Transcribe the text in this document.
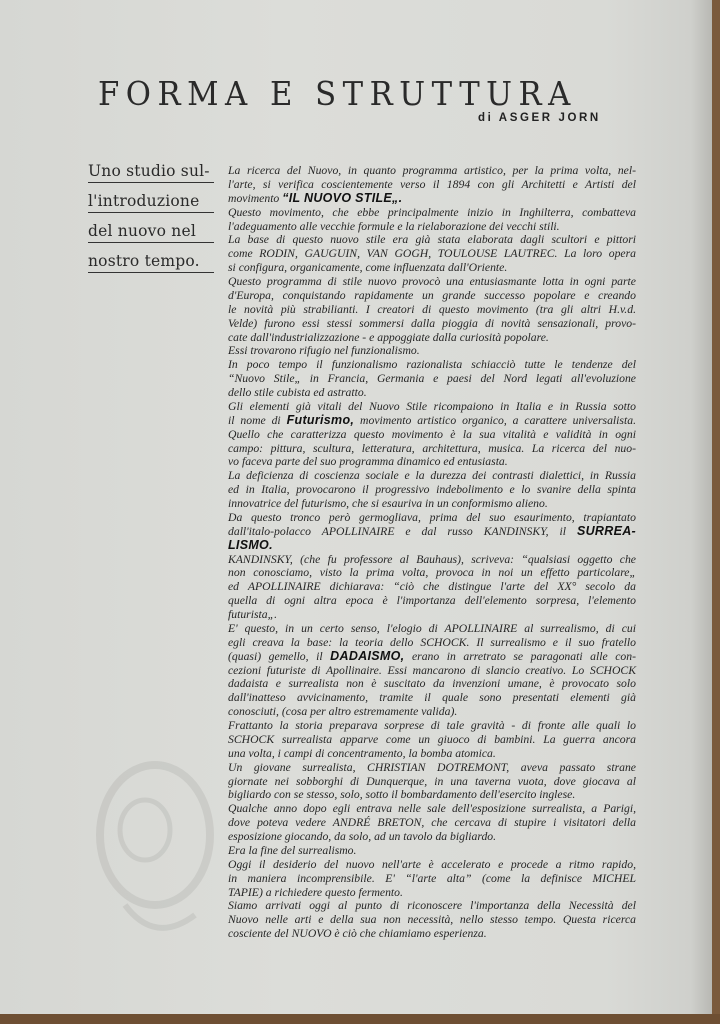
FORMA E STRUTTURA
di ASGER JORN
Uno studio sul-
l'introduzione
del nuovo nel
nostro tempo.
La ricerca del Nuovo, in quanto programma artistico, per la prima volta, nel-
l'arte, si verifica coscientemente verso il 1894 con gli Architetti e Artisti del
movimento “IL NUOVO STILE„.
Questo movimento, che ebbe principalmente inizio in Inghilterra, combatteva
l'adeguamento alle vecchie formule e la rielaborazione dei vecchi stili.
La base di questo nuovo stile era già stata elaborata dagli scultori e pittori
come RODIN, GAUGUIN, VAN GOGH, TOULOUSE LAUTREC. La loro opera
si configura, organicamente, come influenzata dall'Oriente.
Questo programma di stile nuovo provocò una entusiasmante lotta in ogni parte
d'Europa, conquistando rapidamente un grande successo popolare e creando
le novità più strabilianti. I creatori di questo movimento (tra gli altri H.v.d.
Velde) furono essi stessi sommersi dalla pioggia di novità sensazionali, provo-
cate dall'industrializzazione - e appoggiate dalla curiosità popolare.
Essi trovarono rifugio nel funzionalismo.
In poco tempo il funzionalismo razionalista schiacciò tutte le tendenze del
“Nuovo Stile„ in Francia, Germania e paesi del Nord legati all'evoluzione
dello stile cubista ed astratto.
Gli elementi già vitali del Nuovo Stile ricompaiono in Italia e in Russia sotto
il nome di Futurismo, movimento artistico organico, a carattere universalista.
Quello che caratterizza questo movimento è la sua vitalità e validità in ogni
campo: pittura, scultura, letteratura, architettura, musica. La ricerca del nuo-
vo faceva parte del suo programma dinamico ed entusiasta.
La deficienza di coscienza sociale e la durezza dei contrasti dialettici, in Russia
ed in Italia, provocarono il progressivo indebolimento e lo svanire della spinta
innovatrice del futurismo, che si esauriva in un conformismo alieno.
Da questo tronco però germogliava, prima del suo esaurimento, trapiantato
dall'italo-polacco APOLLINAIRE e dal russo KANDINSKY, il SURREA-
LISMO.
KANDINSKY, (che fu professore al Bauhaus), scriveva: “qualsiasi oggetto che
non conosciamo, visto la prima volta, provoca in noi un effetto particolare„
ed APOLLINAIRE dichiarava: “ciò che distingue l'arte del XX° secolo da
quella di ogni altra epoca è l'importanza dell'elemento sorpresa, l'elemento
futurista„.
E' questo, in un certo senso, l'elogio di APOLLINAIRE al surrealismo, di cui
egli creava la base: la teoria dello SCHOCK. Il surrealismo e il suo fratello
(quasi) gemello, il DADAISMO, erano in arretrato se paragonati alle con-
cezioni futuriste di Apollinaire. Essi mancarono di slancio creativo. Lo SCHOCK
dadaista e surrealista non è suscitato da invenzioni umane, è provocato solo
dall'inatteso avvicinamento, tramite il quale sono presentati elementi già
conosciuti, (cosa per altro estremamente valida).
Frattanto la storia preparava sorprese di tale gravità - di fronte alle quali lo
SCHOCK surrealista apparve come un giuoco di bambini. La guerra ancora
una volta, i campi di concentramento, la bomba atomica.
Un giovane surrealista, CHRISTIAN DOTREMONT, aveva passato strane
giornate nei sobborghi di Dunquerque, in una taverna vuota, dove giocava al
bigliardo con se stesso, solo, sotto il bombardamento dell'esercito inglese.
Qualche anno dopo egli entrava nelle sale dell'esposizione surrealista, a Parigi,
dove poteva vedere ANDRÉ BRETON, che cercava di stupire i visitatori della
esposizione giocando, da solo, ad un tavolo da bigliardo.
Era la fine del surrealismo.
Oggi il desiderio del nuovo nell'arte è accelerato e procede a ritmo rapido,
in maniera incomprensibile. E' “l'arte alta” (come la definisce MICHEL
TAPIE) a richiedere questo fermento.
Siamo arrivati oggi al punto di riconoscere l'importanza della Necessità del
Nuovo nelle arti e della sua non necessità, nello stesso tempo. Questa ricerca
cosciente del NUOVO è ciò che chiamiamo esperienza.
